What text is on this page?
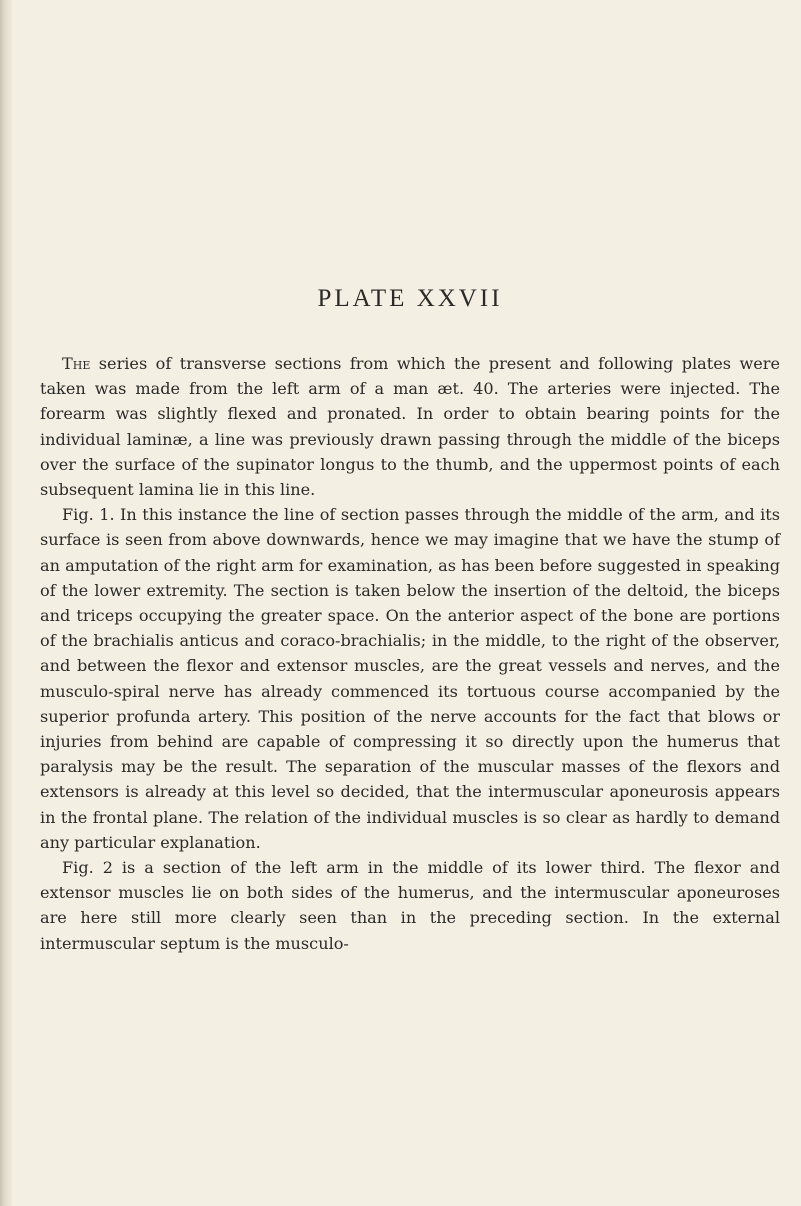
PLATE XXVII

The series of transverse sections from which the present and following plates were taken was made from the left arm of a man æt. 40. The arteries were injected. The forearm was slightly flexed and pronated. In order to obtain bearing points for the individual laminæ, a line was previously drawn passing through the middle of the biceps over the surface of the supinator longus to the thumb, and the uppermost points of each subsequent lamina lie in this line.

Fig. 1. In this instance the line of section passes through the middle of the arm, and its surface is seen from above downwards, hence we may imagine that we have the stump of an amputation of the right arm for examination, as has been before suggested in speaking of the lower extremity. The section is taken below the insertion of the deltoid, the biceps and triceps occupying the greater space. On the anterior aspect of the bone are portions of the brachialis anticus and coraco-brachialis; in the middle, to the right of the observer, and between the flexor and extensor muscles, are the great vessels and nerves, and the musculo-spiral nerve has already commenced its tortuous course accompanied by the superior profunda artery. This position of the nerve accounts for the fact that blows or injuries from behind are capable of compressing it so directly upon the humerus that paralysis may be the result. The separation of the muscular masses of the flexors and extensors is already at this level so decided, that the intermuscular aponeurosis appears in the frontal plane. The relation of the individual muscles is so clear as hardly to demand any particular explanation.

Fig. 2 is a section of the left arm in the middle of its lower third. The flexor and extensor muscles lie on both sides of the humerus, and the intermuscular aponeuroses are here still more clearly seen than in the preceding section. In the external intermuscular septum is the musculo-
